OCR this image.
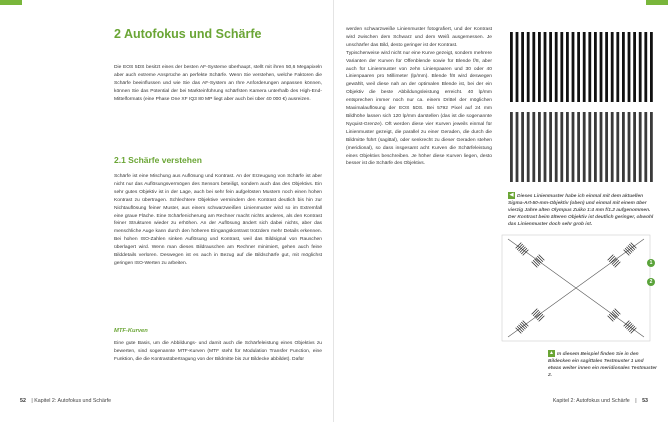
2 Autofokus und Schärfe
Die EOS 5DS besitzt eines der besten AF-Systeme überhaupt, stellt mit ihren 50,6 Megapixeln aber auch extreme Ansprüche an perfekte Schärfe. Wenn Sie verstehen, welche Faktoren die Schärfe beeinflussen und wie Sie das AF-System an Ihre Anforderungen anpassen können, können Sie das Potential der bei Markteinführung schärfsten Kamera unterhalb des High-End-Mittelformats (eine Phase One XF IQ3 80 MP liegt aber auch bei über 40 000 €) ausreizen.
2.1 Schärfe verstehen
Schärfe ist eine Mischung aus Auflösung und Kontrast. An der Erzeugung von Schärfe ist aber nicht nur das Auflösungsvermögen des Sensors beteiligt, sondern auch das des Objektivs. Ein sehr gutes Objektiv ist in der Lage, auch bei sehr fein aufgelösten Mustern noch einen hohen Kontrast zu übertragen. Schlechtere Objektive vermindern den Kontrast deutlich bis hin zur Nichtauflösung feiner Muster, aus einem schwarzweißen Linienmuster wird so im Extremfall eine graue Fläche. Eine Schärfenicherung am Rechner macht nichts anderes, als den Kontrast feiner Strukturen wieder zu erhöhen. An der Auflösung ändert sich dabei nichts, aber das menschliche Auge kann durch den höheren Eingangskontrast trotzdem mehr Details erkennen. Bei hohen ISO-Zahlen sinken Auflösung und Kontrast, weil das Bildsignal von Rauschen überlagert wird. Wenn man dieses Bildrauschen am Rechner minimiert, gehen auch feine Bilddetails verloren. Deswegen ist es auch in Bezug auf die Bildschärfe gut, mit möglichst geringen ISO-Werten zu arbeiten.
MTF-Kurven
Eine gute Basis, um die Abbildungs- und damit auch die Schärfeleistung eines Objektivs zu bewerten, sind sogenannte MTF-Kurven (MTF steht für Modulation Transfer Function, eine Funktion, die die Kontrastübertragung von der Bildmitte bis zur Bildecke abbildet). Dafür
52 | Kapitel 2: Autofokus und Schärfe
werden schwarzweiße Linienmuster fotografiert, und der Kontrast wird zwischen dem Schwarz und dem Weiß ausgemessen. Je unschärfer das Bild, desto geringer ist der Kontrast.
Typischerweise wird nicht nur eine Kurve gezeigt, sondern mehrere Varianten der Kurven für Offenblende sowie für Blende f/8, aber auch für Linienmuster von zehn Linienpaaren und 30 oder 40 Linienpaaren pro Millimeter (lp/mm). Blende f/8 wird deswegen gewählt, weil diese nah an der optimalen Blende ist, bei der ein Objektiv die beste Abbildungsleistung erreicht. 40 lp/mm entsprechen immer noch nur ca. einem Drittel der möglichen Maximalauflösung der EOS 5DS. Bei 5792 Pixel auf 24 mm Bildhöhe lassen sich 120 lp/mm darstellen (das ist die sogenannte Nyquist-Grenze). Oft werden diese vier Kurven jeweils einmal für Linienmuster gezeigt, die parallel zu einer Geraden, die durch die Bildmitte führt (sagittal), oder senkrecht zu dieser Geraden stehen (meridional), so dass insgesamt acht Kurven die Schärfeleistung eines Objektivs beschreiben. Je höher diese Kurven liegen, desto besser ist die Schärfe des Objektivs.
◀ Dieses Linienmuster habe ich einmal mit dem aktuellen Sigma-Art-50-mm-Objektiv (oben) und einmal mit einem über vierzig Jahre alten Olympus Zuiko 1:4 mm f/1.2 aufgenommen. Der Kontrast beim älteren Objektiv ist deutlich geringer, obwohl das Linienmuster doch sehr grob ist.
1
2
▲ In diesem Beispiel finden Sie in den Bildecken ein sagittales Testmuster 1 und etwas weiter innen ein meridionales Testmuster 2.
Kapitel 2: Autofokus und Schärfe | 53
